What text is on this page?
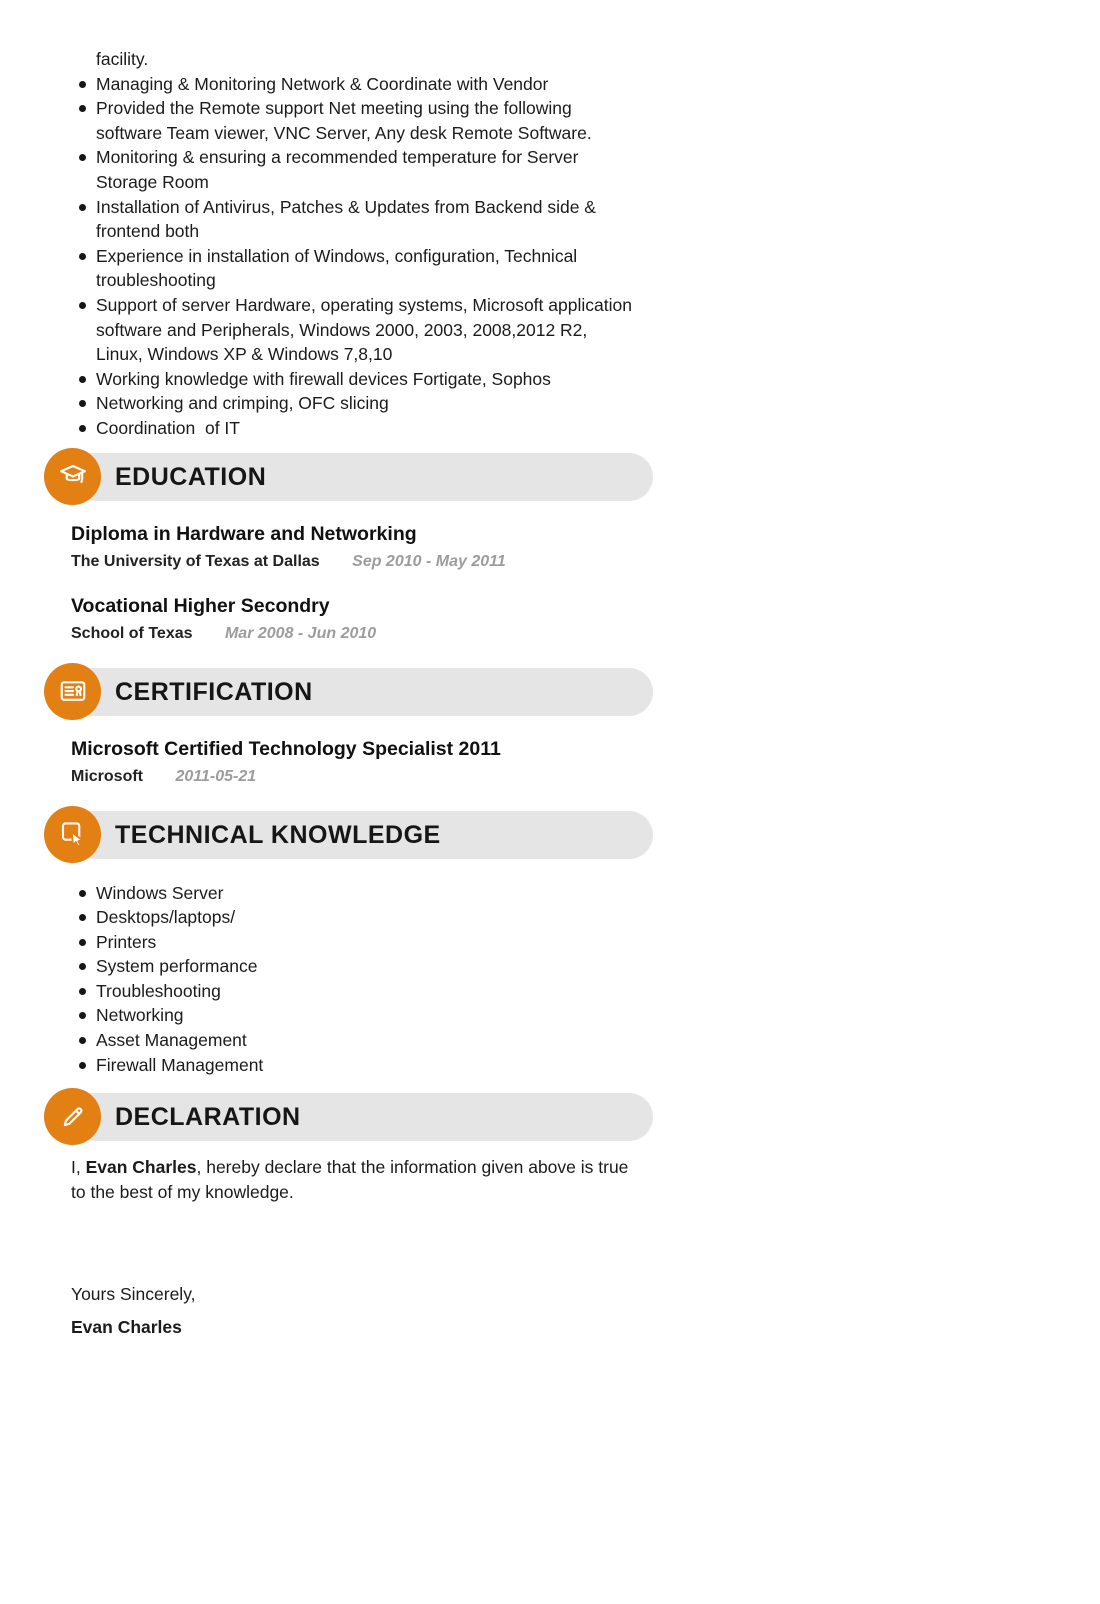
facility.
Managing & Monitoring Network & Coordinate with Vendor
Provided the Remote support Net meeting using the following software Team viewer, VNC Server, Any desk Remote Software.
Monitoring & ensuring a recommended temperature for Server Storage Room
Installation of Antivirus, Patches & Updates from Backend side & frontend both
Experience in installation of Windows, configuration, Technical troubleshooting
Support of server Hardware, operating systems, Microsoft application software and Peripherals, Windows 2000, 2003, 2008,2012 R2, Linux, Windows XP & Windows 7,8,10
Working knowledge with firewall devices Fortigate, Sophos
Networking and crimping, OFC slicing
Coordination  of IT
EDUCATION
Diploma in Hardware and Networking
The University of Texas at Dallas Sep 2010 - May 2011
Vocational Higher Secondry
School of Texas Mar 2008 - Jun 2010
CERTIFICATION
Microsoft Certified Technology Specialist 2011
Microsoft 2011-05-21
TECHNICAL KNOWLEDGE
Windows Server
Desktops/laptops/
Printers
System performance
Troubleshooting
Networking
Asset Management
Firewall Management
DECLARATION

I, Evan Charles, hereby declare that the information given above is true to the best of my knowledge.

Yours Sincerely,
Evan Charles
